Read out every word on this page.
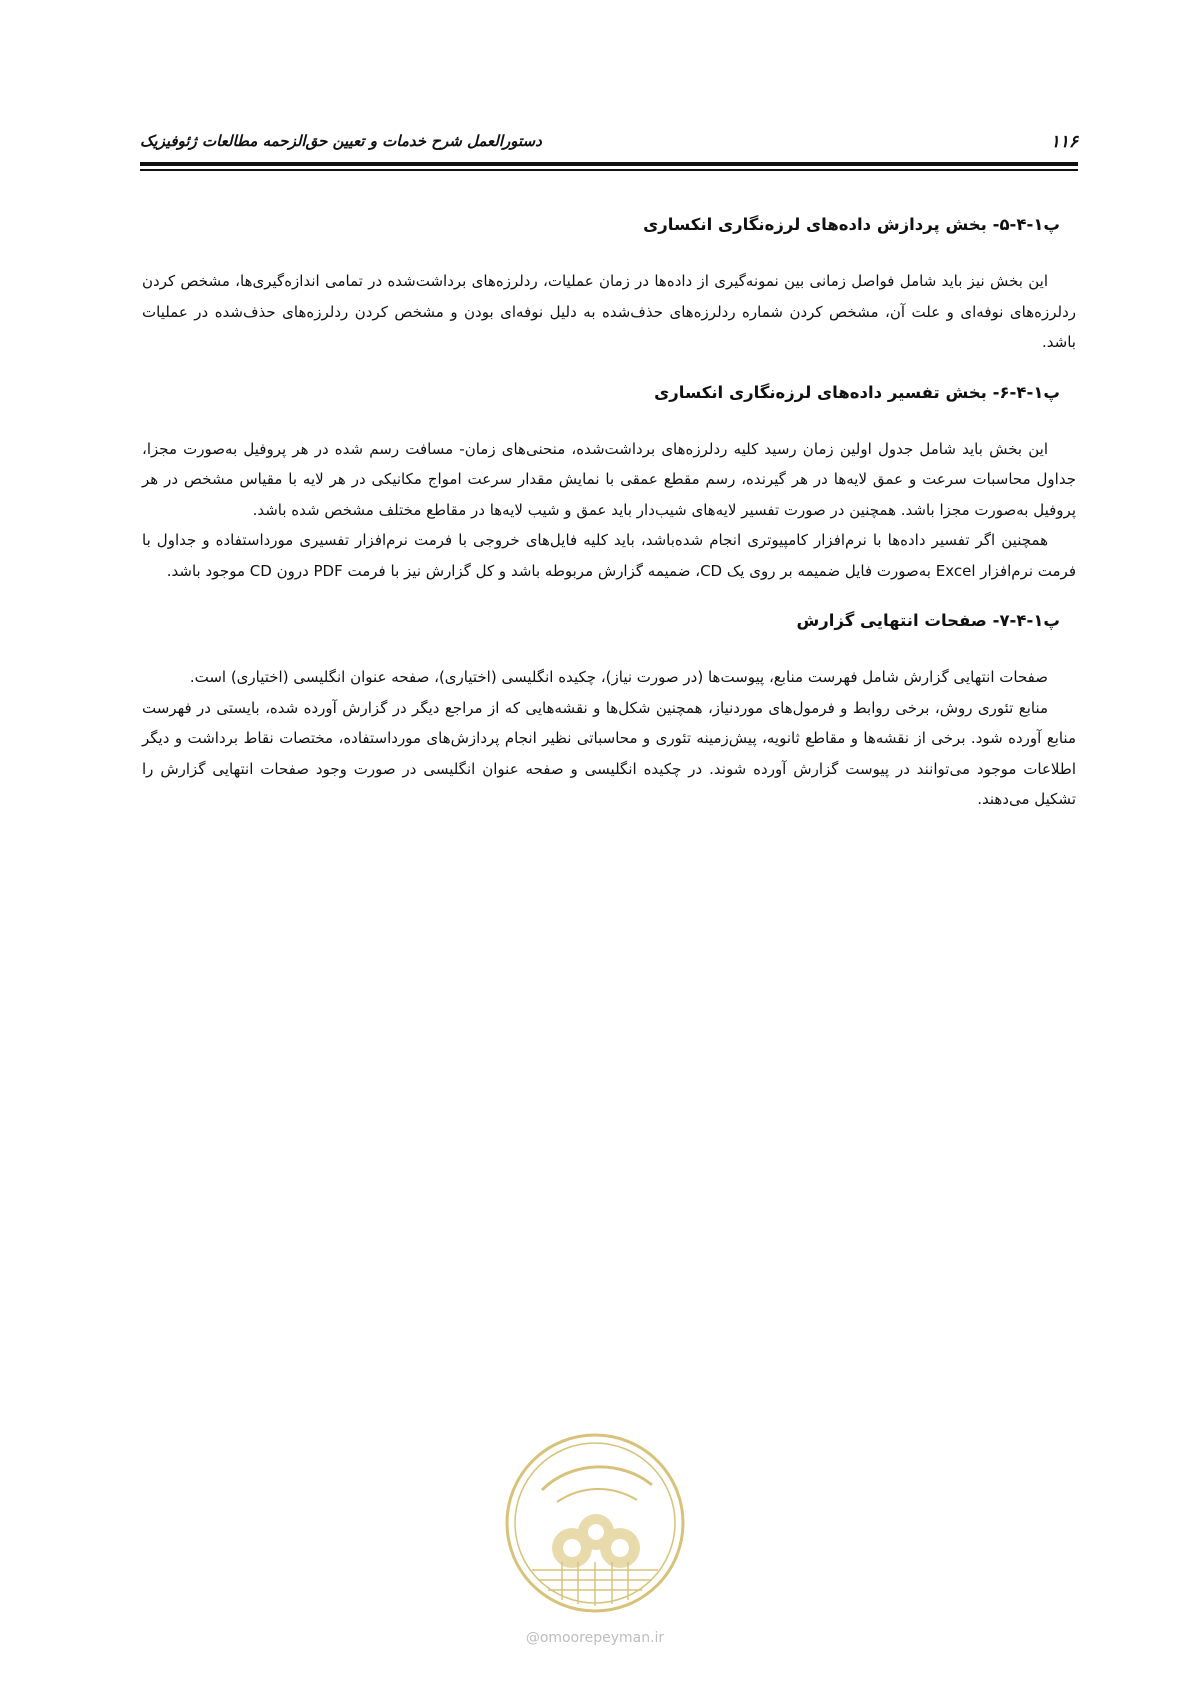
۱۱۶
دستورالعمل شرح خدمات و تعیین حق‌الزحمه مطالعات ژئوفیزیک
پ۱-۴-۵- بخش پردازش داده‌های لرزه‌نگاری انکساری

این بخش نیز باید شامل فواصل زمانی بین نمونه‌گیری از داده‌ها در زمان عملیات، ردلرزه‌های برداشت‌شده در تمامی اندازه‌گیری‌ها، مشخص کردن ردلرزه‌های نوفه‌ای و علت آن، مشخص کردن شماره ردلرزه‌های حذف‌شده به دلیل نوفه‌ای بودن و مشخص کردن ردلرزه‌های حذف‌شده در عملیات باشد.

پ۱-۴-۶- بخش تفسیر داده‌های لرزه‌نگاری انکساری

این بخش باید شامل جدول اولین زمان رسید کلیه ردلرزه‌های برداشت‌شده، منحنی‌های زمان- مسافت رسم شده در هر پروفیل به‌صورت مجزا، جداول محاسبات سرعت و عمق لایه‌ها در هر گیرنده، رسم مقطع عمقی با نمایش مقدار سرعت امواج مکانیکی در هر لایه با مقیاس مشخص در هر پروفیل به‌صورت مجزا باشد. همچنین در صورت تفسیر لایه‌های شیب‌دار باید عمق و شیب لایه‌ها در مقاطع مختلف مشخص شده باشد.

همچنین اگر تفسیر داده‌ها با نرم‌افزار کامپیوتری انجام شده‌باشد، باید کلیه فایل‌های خروجی با فرمت نرم‌افزار تفسیری مورداستفاده و جداول با فرمت نرم‌افزار Excel به‌صورت فایل ضمیمه بر روی یک CD، ضمیمه گزارش مربوطه باشد و کل گزارش نیز با فرمت PDF درون CD موجود باشد.

پ۱-۴-۷- صفحات انتهایی گزارش

صفحات انتهایی گزارش شامل فهرست منابع، پیوست‌ها (در صورت نیاز)، چکیده انگلیسی (اختیاری)، صفحه عنوان انگلیسی (اختیاری) است.

منابع تئوری روش، برخی روابط و فرمول‌های موردنیاز، همچنین شکل‌ها و نقشه‌هایی که از مراجع دیگر در گزارش آورده شده، بایستی در فهرست منابع آورده شود. برخی از نقشه‌ها و مقاطع ثانویه، پیش‌زمینه تئوری و محاسباتی نظیر انجام پردازش‌های مورداستفاده، مختصات نقاط برداشت و دیگر اطلاعات موجود می‌توانند در پیوست گزارش آورده شوند. در چکیده انگلیسی و صفحه عنوان انگلیسی در صورت وجود صفحات انتهایی گزارش را تشکیل می‌دهند.

@omoorepeyman.ir
